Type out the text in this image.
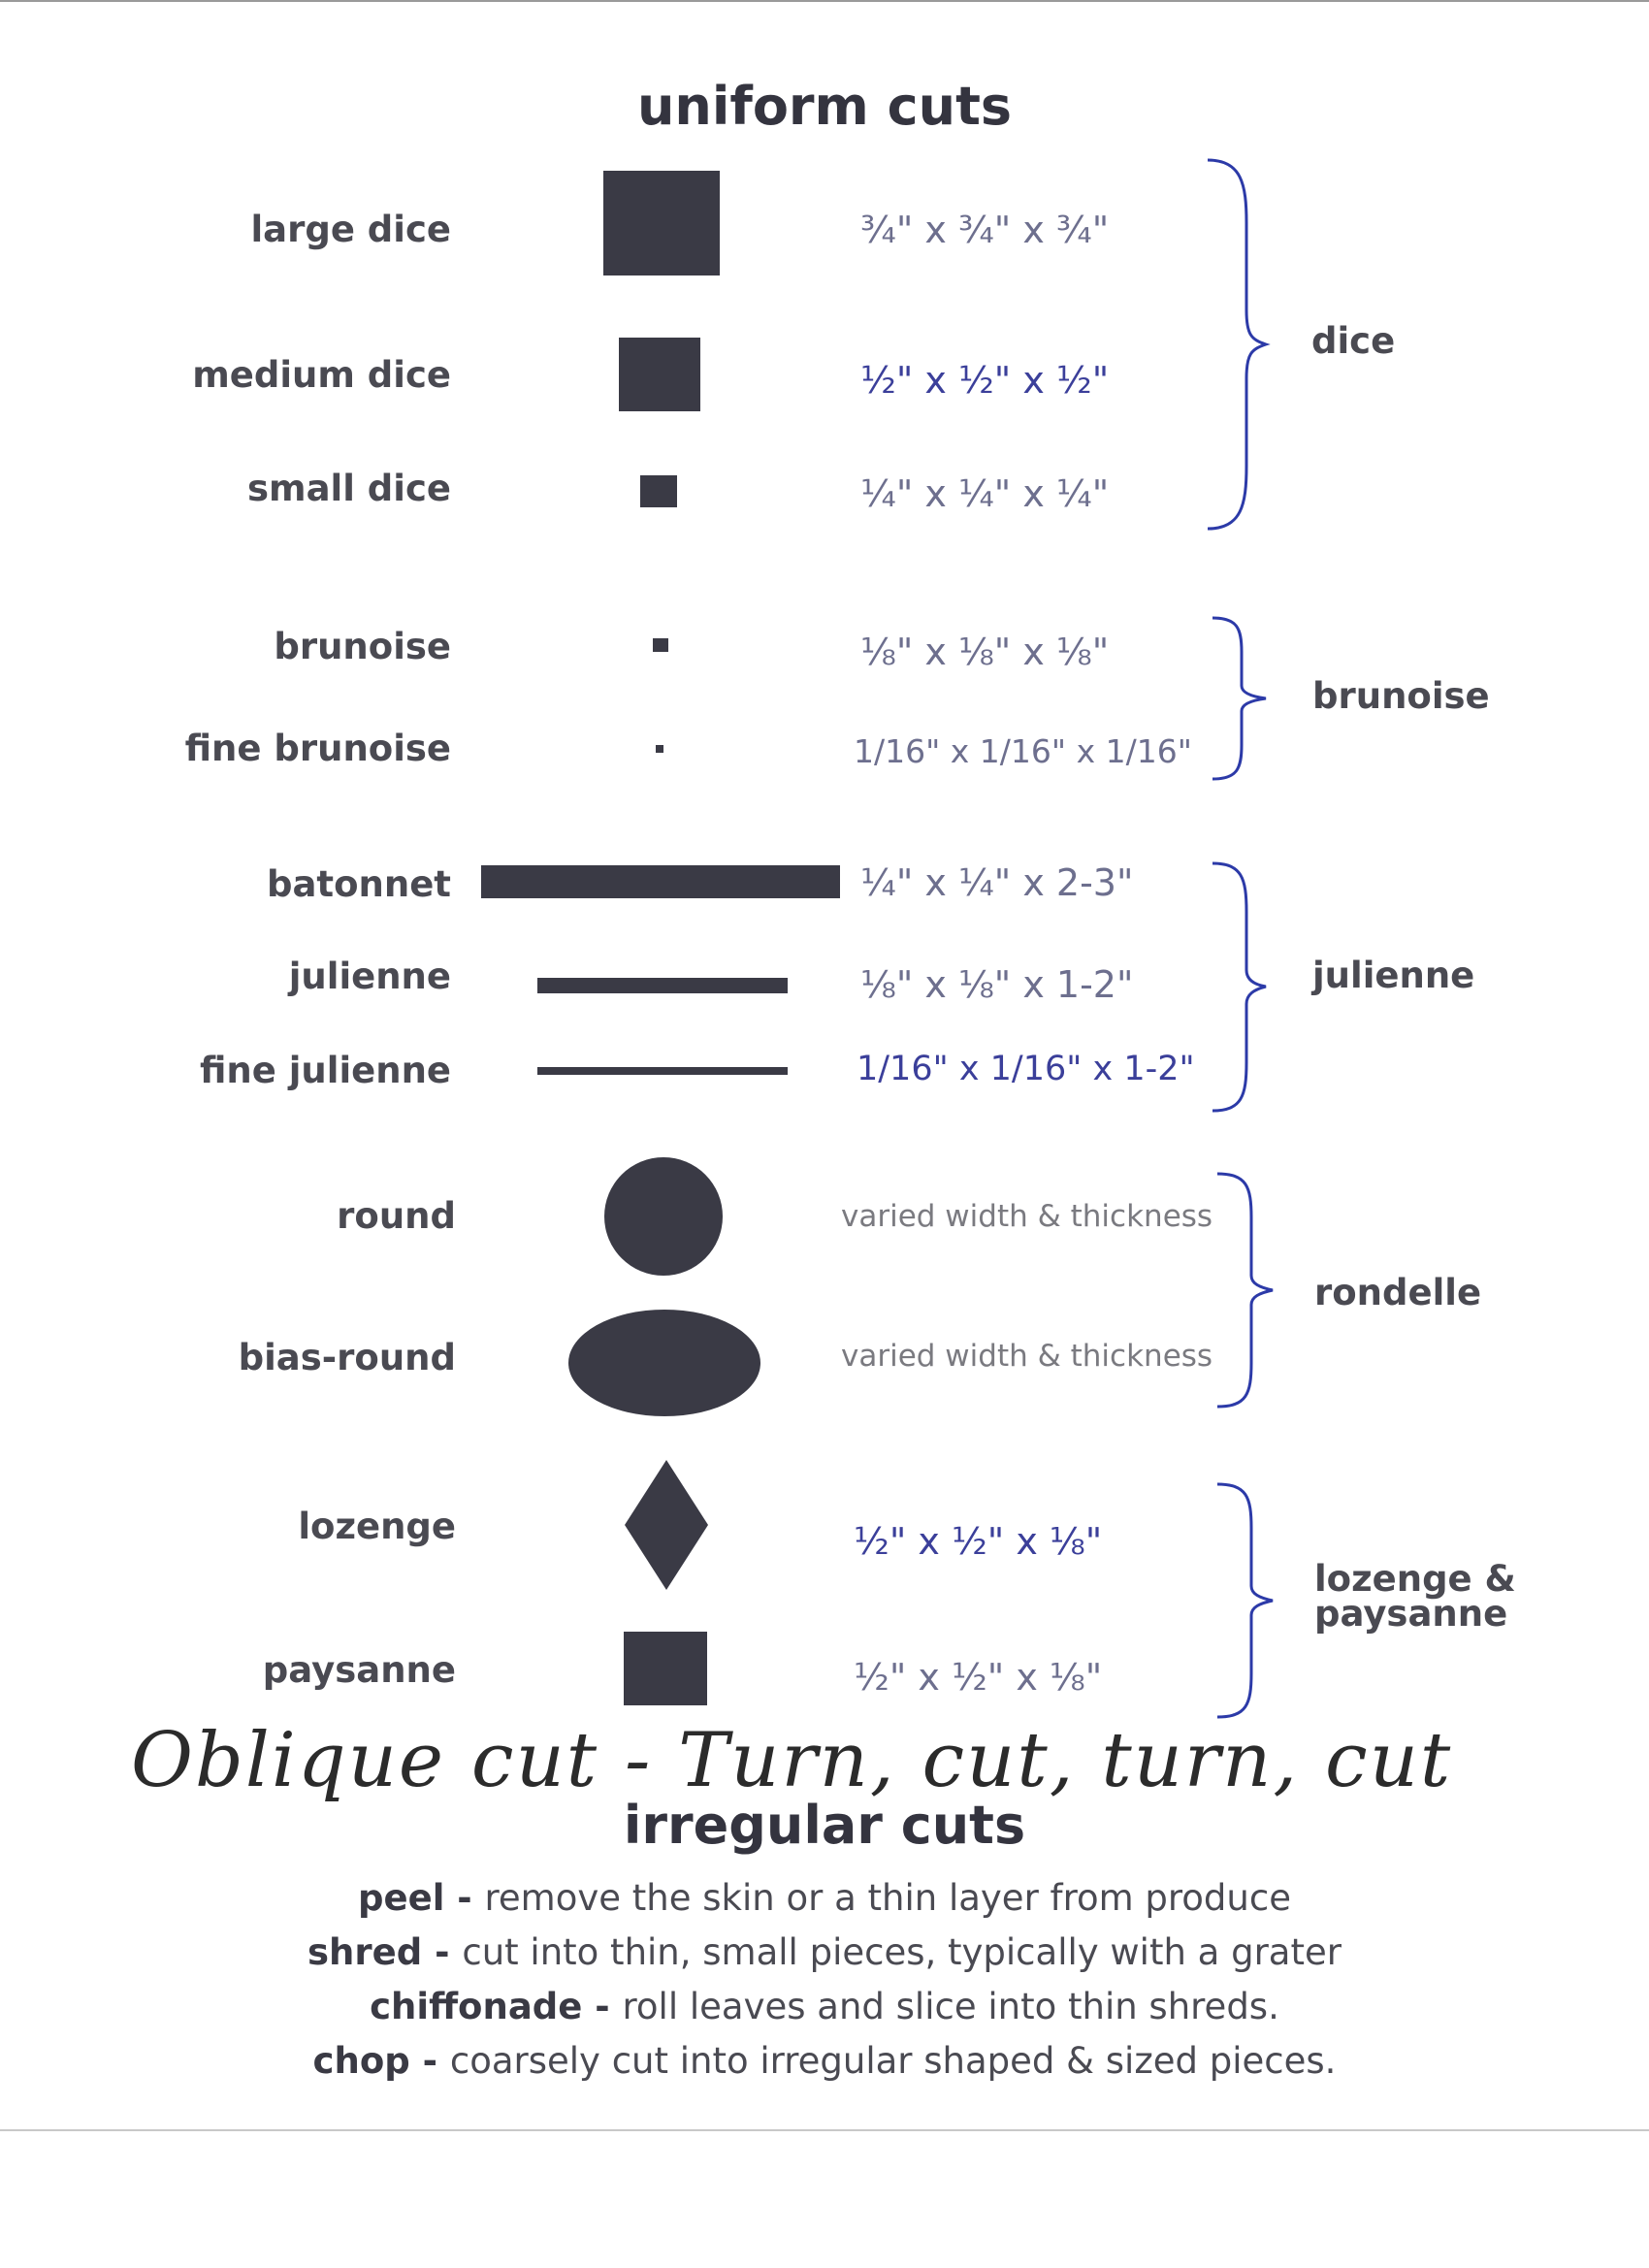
uniform cuts
large dice
medium dice
small dice
brunoise
fine brunoise
batonnet
julienne
fine julienne
round
bias-round
lozenge
paysanne
¾" x ¾" x ¾"
½" x ½" x ½"
¼" x ¼" x ¼"
⅛" x ⅛" x ⅛"
1/16" x 1/16" x 1/16"
¼" x ¼" x 2-3"
⅛" x ⅛" x 1-2"
1/16" x 1/16" x 1-2"
varied width & thickness
varied width & thickness
½" x ½" x ⅛"
½" x ½" x ⅛"
dice
brunoise
julienne
rondelle
lozenge &
paysanne
Oblique cut - Turn, cut, turn, cut
irregular cuts
peel - remove the skin or a thin layer from produce
shred - cut into thin, small pieces, typically with a grater
chiffonade - roll leaves and slice into thin shreds.
chop - coarsely cut into irregular shaped & sized pieces.
